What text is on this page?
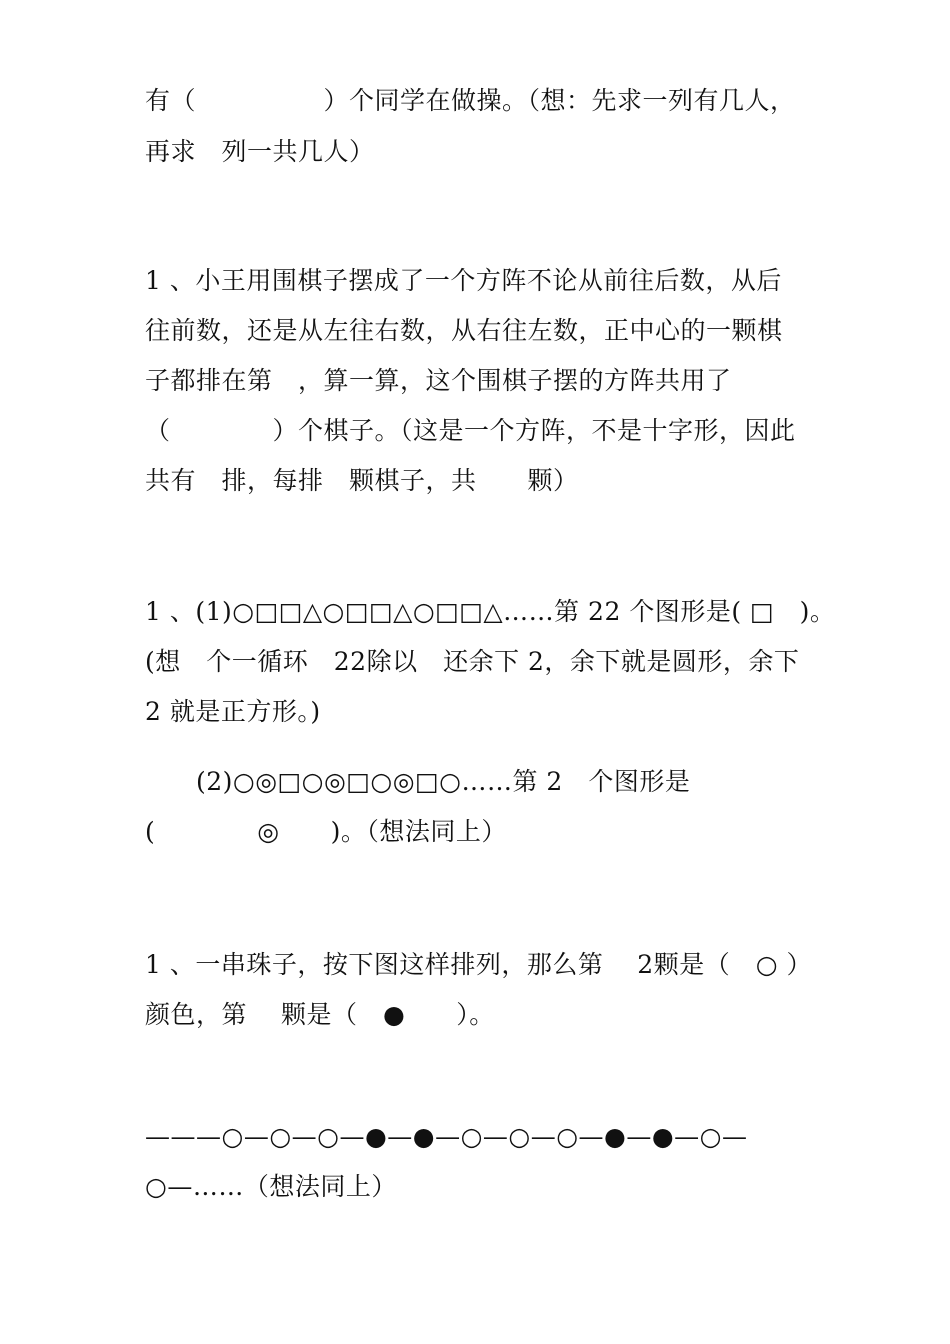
有（　　　　　）个同学在做操。（想：先求一列有几人，
再求　列一共几人）
1 、小王用围棋子摆成了一个方阵不论从前往后数，从后
往前数，还是从左往右数，从右往左数，正中心的一颗棋
子都排在第　，算一算，这个围棋子摆的方阵共用了
（　　　　）个棋子。（这是一个方阵，不是十字形，因此
共有　排，每排　颗棋子，共　　颗）
1 、(1)○□□△○□□△○□□△……第 22 个图形是( □　)。
(想　个一循环　22除以　还余下 2，余下就是圆形，余下
2 就是正方形。)
　　(2)○◎□○◎□○◎□○……第 2　个图形是
(　　　　◎　　)。（想法同上）
1 、一串珠子，按下图这样排列，那么第　 2颗是（　○ ）
颜色，第　 颗是（　●　　）。
———○—○—○—●—●—○—○—○—●—●—○—
○—……（想法同上）
